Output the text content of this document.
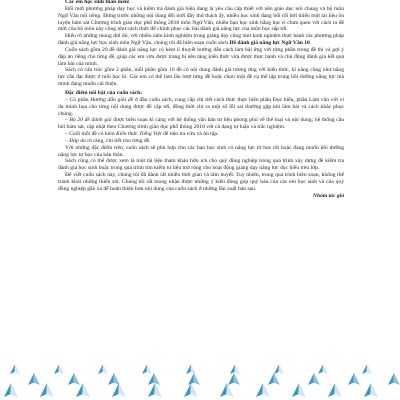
Các em học sinh thân mến!

Đổi mới phương pháp dạy học và kiểm tra đánh giá hiện đang là yêu cầu cấp thiết với nền giáo dục nói chung và bộ môn Ngữ Văn nói riêng. Đứng trước những nội dung đổi mới đầy thử thách ấy, nhiều học sinh đang bối rối bởi thiếu một tài liệu ôn luyện bám sát Chương trình giáo dục phổ thông 2018 môn Ngữ Văn, nhiều bạn học sinh hẫng hụt vì chưa quen với cách ra đề mới của bộ môn này cũng như cách thức để chinh phục các bài đánh giá năng lực của môn học sắp tới.

Hiểu rõ những mong đợi đó, với nhiều năm kinh nghiệm trong giảng dạy cũng như kinh nghiệm thực hành các phương pháp đánh giá năng lực học sinh môn Ngữ Văn, chúng tôi đã biên soạn cuốn sách Đề đánh giá năng lực Ngữ Văn 10.

Cuốn sách gồm 20 đề đánh giá năng lực có kèm lí thuyết hướng dẫn cách làm bài ứng với từng phần trong đề thi và gợi ý đáp án riêng cho từng đề, giúp các em vừa được trang bị nền tảng kiến thức vừa được thực hành và chủ động đánh giá kết quả làm bài của mình.

Sách có cấu trúc gồm 2 phần, mỗi phần gồm 10 đề có nội dung đánh giá tương ứng với kiến thức, kĩ năng cũng như năng lực cần đạt được ở mỗi học kì. Các em có thể làm lần lượt từng đề hoặc chọn một đề cụ thể tập trung bồi dưỡng năng lực mà mình đang muốn cải thiện.

Đặc điểm nổi bật của cuốn sách:

– Có phần Hướng dẫn giải đề ở đầu cuốn sách, cung cấp chi tiết cách thức thực hiện phần Đọc hiểu, phần Làm văn với ví dụ minh họa cho từng nội dung được đề cập tới, đồng thời chỉ ra một số lỗi sai thường gặp khi làm bài và cách khắc phục chúng.

– Bộ 20 đề đánh giá được biên soạn kĩ càng với hệ thống văn bản tư liệu phong phú về thể loại và nội dung; hệ thống câu hỏi bám sát, cập nhật theo Chương trình giáo dục phổ thông 2018 với cả dạng tự luận và trắc nghiệm.

– Cuối mỗi đề có kèm Kiến thức Tiếng Việt để tiện tra cứu và ôn tập.

– Đáp án rõ ràng, chi tiết cho từng đề.

Với những đặc điểm trên, cuốn sách sẽ phù hợp cho các bạn học sinh có năng lực từ học tốt hoặc đang muốn bồi dưỡng năng lực tự học của bản thân.

Sách cũng có thể được xem là một tài liệu tham khảo hữu ích cho quý đồng nghiệp trong quá trình xây dựng đề kiểm tra đánh giá học sinh hoặc trong quá trình tìm kiếm tư liệu mở rộng cho hoạt động giảng dạy năng lực đọc hiểu trên lớp.

Để viết cuốn sách này, chúng tôi đã dành rất nhiều thời gian và tâm huyết. Tuy nhiên, trong quá trình biên soạn, không thể tránh khỏi những thiếu sót. Chúng tôi rất mong nhận được những ý kiến đóng góp quý báu của các em học sinh và của quý đồng nghiệp gần xa để hoàn thiện hơn nội dung của cuốn sách ở những lần xuất bản sau.

Nhóm tác giả
